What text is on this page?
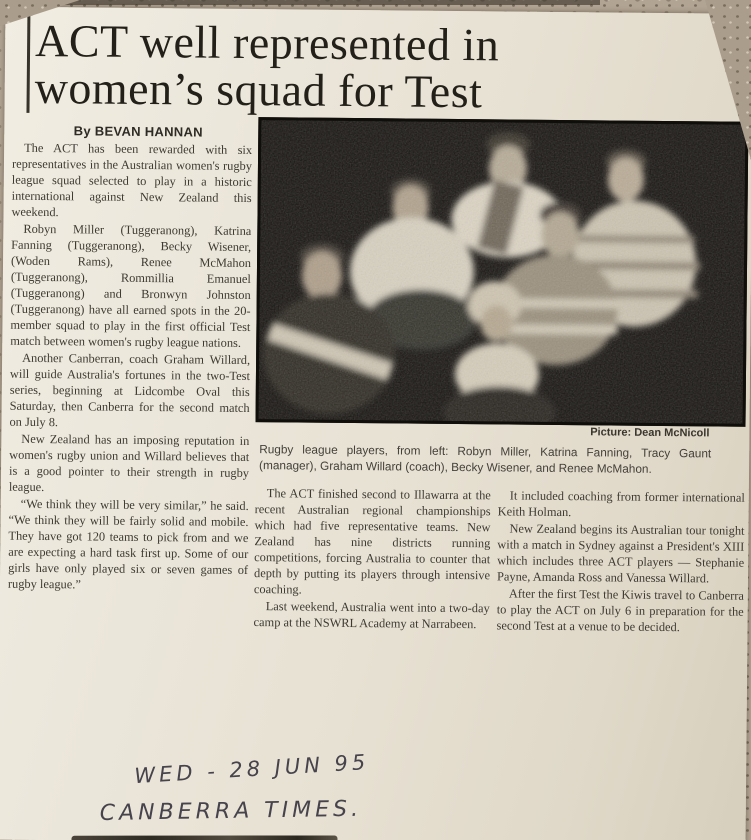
ACT well represented in
women’s squad for Test

By BEVAN HANNAN

The ACT has been rewarded with six representatives in the Australian women's rugby league squad selected to play in a historic international against New Zealand this weekend.

Robyn Miller (Tuggeranong), Katrina Fanning (Tuggeranong), Becky Wisener, (Woden Rams), Renee McMahon (Tuggeranong), Rommillia Emanuel (Tuggeranong) and Bronwyn Johnston (Tuggeranong) have all earned spots in the 20-member squad to play in the first official Test match between women's rugby league nations.

Another Canberran, coach Graham Willard, will guide Australia's fortunes in the two-Test series, beginning at Lidcombe Oval this Saturday, then Canberra for the second match on July 8.

New Zealand has an imposing reputation in women's rugby union and Willard believes that is a good pointer to their strength in rugby league.

“We think they will be very similar,” he said. “We think they will be fairly solid and mobile. They have got 120 teams to pick from and we are expecting a hard task first up. Some of our girls have only played six or seven games of rugby league.”

Picture: Dean McNicoll
Rugby league players, from left: Robyn Miller, Katrina Fanning, Tracy Gaunt (manager), Graham Willard (coach), Becky Wisener, and Renee McMahon.

The ACT finished second to Illawarra at the recent Australian regional championships which had five representative teams. New Zealand has nine districts running competitions, forcing Australia to counter that depth by putting its players through intensive coaching.

Last weekend, Australia went into a two-day camp at the NSWRL Academy at Narrabeen.

It included coaching from former international Keith Holman.

New Zealand begins its Australian tour tonight with a match in Sydney against a President's XIII which includes three ACT players — Stephanie Payne, Amanda Ross and Vanessa Willard.

After the first Test the Kiwis travel to Canberra to play the ACT on July 6 in preparation for the second Test at a venue to be decided.

WED - 28 JUN 95
CANBERRA TIMES.
